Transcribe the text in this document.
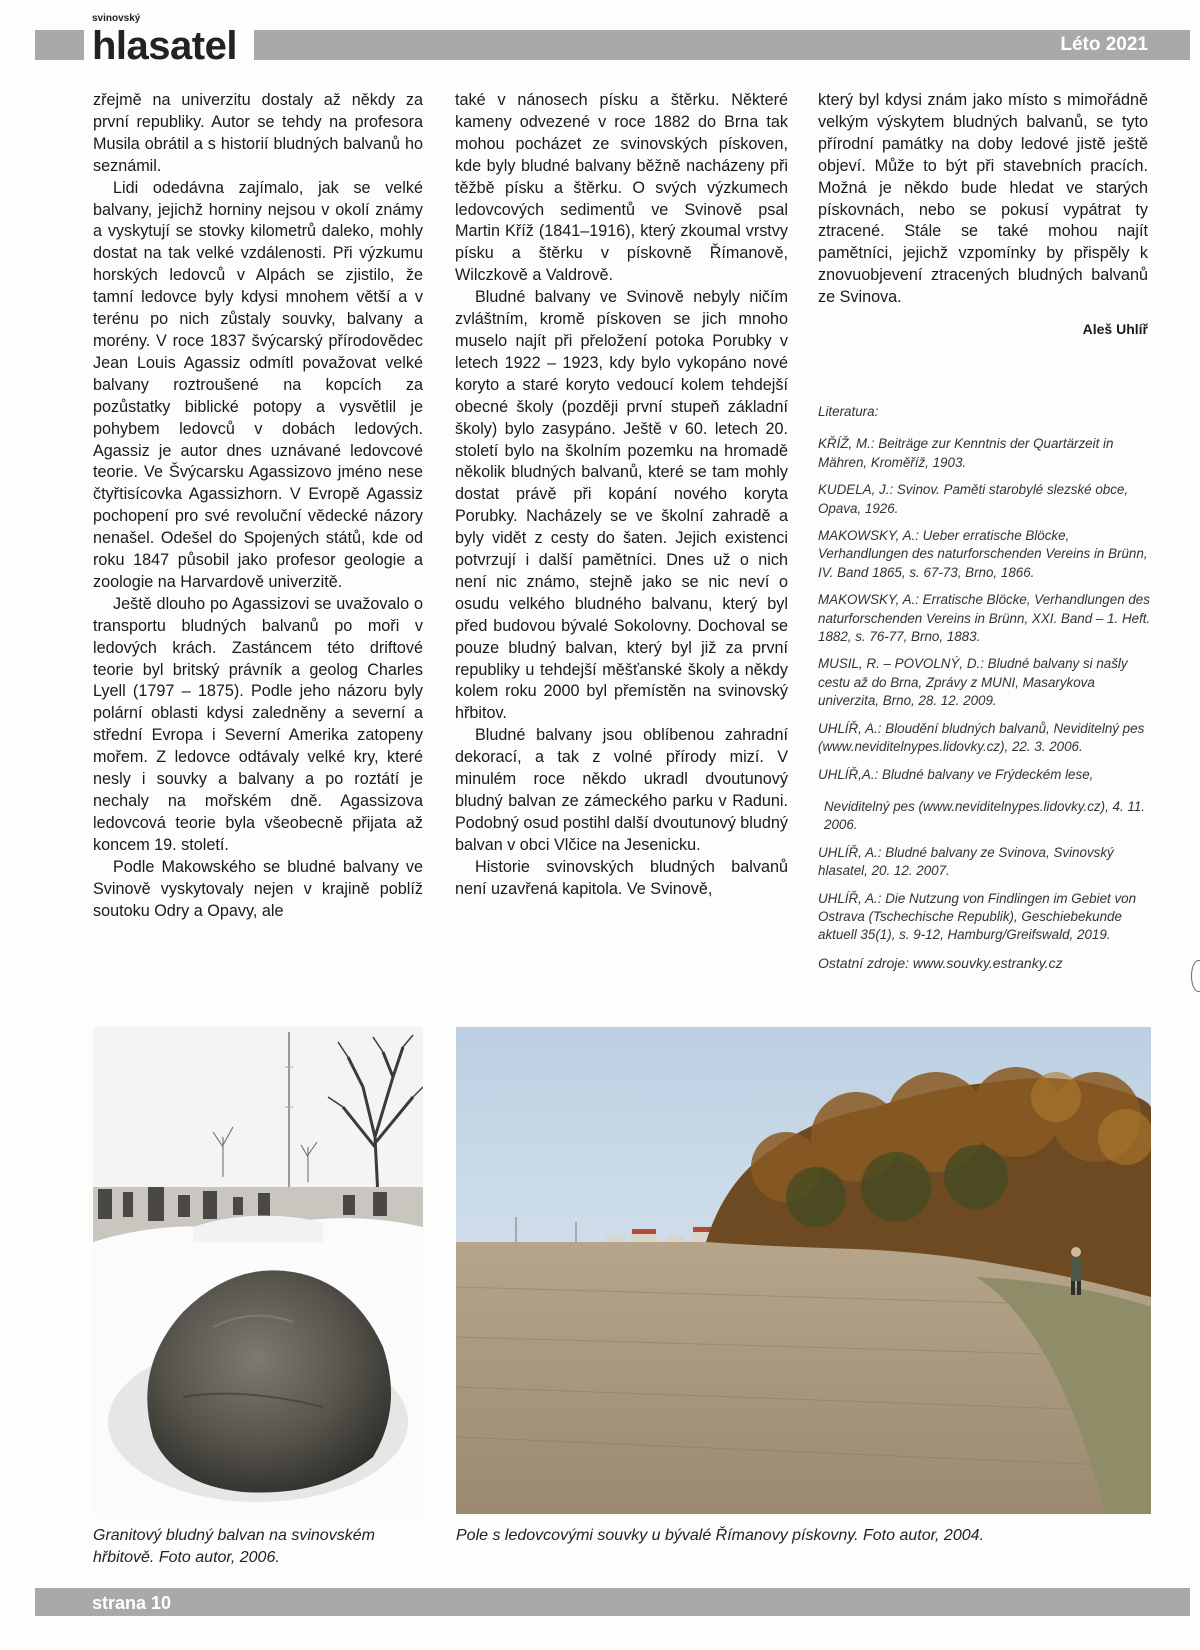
svinovský
hlasatel	Léto 2021

zřejmě na univerzitu dostaly až někdy za první republiky. Autor se tehdy na profesora Musila obrátil a s historií bludných balvanů ho seznámil.

Lidi odedávna zajímalo, jak se velké balvany, jejichž horniny nejsou v okolí známy a vyskytují se stovky kilometrů daleko, mohly dostat na tak velké vzdálenosti. Při výzkumu horských ledovců v Alpách se zjistilo, že tamní ledovce byly kdysi mnohem větší a v terénu po nich zůstaly souvky, balvany a morény. V roce 1837 švýcarský přírodovědec Jean Louis Agassiz odmítl považovat velké balvany roztroušené na kopcích za pozůstatky biblické potopy a vysvětlil je pohybem ledovců v dobách ledových. Agassiz je autor dnes uznávané ledovcové teorie. Ve Švýcarsku Agassizovo jméno nese čtyřtisícovka Agassizhorn. V Evropě Agassiz pochopení pro své revoluční vědecké názory nenašel. Odešel do Spojených států, kde od roku 1847 působil jako profesor geologie a zoologie na Harvardově univerzitě.

Ještě dlouho po Agassizovi se uvažovalo o transportu bludných balvanů po moři v ledových krách. Zastáncem této driftové teorie byl britský právník a geolog Charles Lyell (1797 – 1875). Podle jeho názoru byly polární oblasti kdysi zaledněny a severní a střední Evropa i Severní Amerika zatopeny mořem. Z ledovce odtávaly velké kry, které nesly i souvky a balvany a po roztátí je nechaly na mořském dně. Agassizova ledovcová teorie byla všeobecně přijata až koncem 19. století.

Podle Makowského se bludné balvany ve Svinově vyskytovaly nejen v krajině poblíž soutoku Odry a Opavy, ale

také v nánosech písku a štěrku. Některé kameny odvezené v roce 1882 do Brna tak mohou pocházet ze svinovských pískoven, kde byly bludné balvany běžně nacházeny při těžbě písku a štěrku. O svých výzkumech ledovcových sedimentů ve Svinově psal Martin Kříž (1841–1916), který zkoumal vrstvy písku a štěrku v pískovně Římanově, Wilczkově a Valdrově.

Bludné balvany ve Svinově nebyly ničím zvláštním, kromě pískoven se jich mnoho muselo najít při přeložení potoka Porubky v letech 1922 – 1923, kdy bylo vykopáno nové koryto a staré koryto vedoucí kolem tehdejší obecné školy (později první stupeň základní školy) bylo zasypáno. Ještě v 60. letech 20. století bylo na školním pozemku na hromadě několik bludných balvanů, které se tam mohly dostat právě při kopání nového koryta Porubky. Nacházely se ve školní zahradě a byly vidět z cesty do šaten. Jejich existenci potvrzují i další pamětníci. Dnes už o nich není nic známo, stejně jako se nic neví o osudu velkého bludného balvanu, který byl před budovou bývalé Sokolovny. Dochoval se pouze bludný balvan, který byl již za první republiky u tehdejší měšťanské školy a někdy kolem roku 2000 byl přemístěn na svinovský hřbitov.

Bludné balvany jsou oblíbenou zahradní dekorací, a tak z volné přírody mizí. V minulém roce někdo ukradl dvoutunový bludný balvan ze zámeckého parku v Raduni. Podobný osud postihl další dvoutunový bludný balvan v obci Vlčice na Jesenicku.

Historie svinovských bludných balvanů není uzavřená kapitola. Ve Svinově,

který byl kdysi znám jako místo s mimořádně velkým výskytem bludných balvanů, se tyto přírodní památky na doby ledové jistě ještě objeví. Může to být při stavebních pracích. Možná je někdo bude hledat ve starých pískovnách, nebo se pokusí vypátrat ty ztracené. Stále se také mohou najít pamětníci, jejichž vzpomínky by přispěly k znovuobjevení ztracených bludných balvanů ze Svinova.

Aleš Uhlíř

Literatura:
KŘÍŽ, M.: Beiträge zur Kenntnis der Quartärzeit in Mähren, Kroměříž, 1903.
KUDELA, J.: Svinov. Paměti starobylé slezské obce, Opava, 1926.
MAKOWSKY, A.: Ueber erratische Blöcke, Verhandlungen des naturforschenden Vereins in Brünn, IV. Band 1865, s. 67-73, Brno, 1866.
MAKOWSKY, A.: Erratische Blöcke, Verhandlungen des naturforschenden Vereins in Brünn, XXI. Band – 1. Heft. 1882, s. 76-77, Brno, 1883.
MUSIL, R. – POVOLNÝ, D.: Bludné balvany si našly cestu až do Brna, Zprávy z MUNI, Masarykova univerzita, Brno, 28. 12. 2009.
UHLÍŘ, A.: Bloudění bludných balvanů, Neviditelný pes (www.neviditelnypes.lidovky.cz), 22. 3. 2006.
UHLÍŘ,A.: Bludné balvany ve Frýdeckém lese,
Neviditelný pes (www.neviditelnypes.lidovky.cz), 4. 11. 2006.
UHLÍŘ, A.: Bludné balvany ze Svinova, Svinovský hlasatel, 20. 12. 2007.
UHLÍŘ, A.: Die Nutzung von Findlingen im Gebiet von Ostrava (Tschechische Republik), Geschiebekunde aktuell 35(1), s. 9-12, Hamburg/Greifswald, 2019.
Ostatní zdroje: www.souvky.estranky.cz
Granitový bludný balvan na svinovském hřbitově. Foto autor, 2006.
Pole s ledovcovými souvky u bývalé Římanovy pískovny. Foto autor, 2004.
strana 10
